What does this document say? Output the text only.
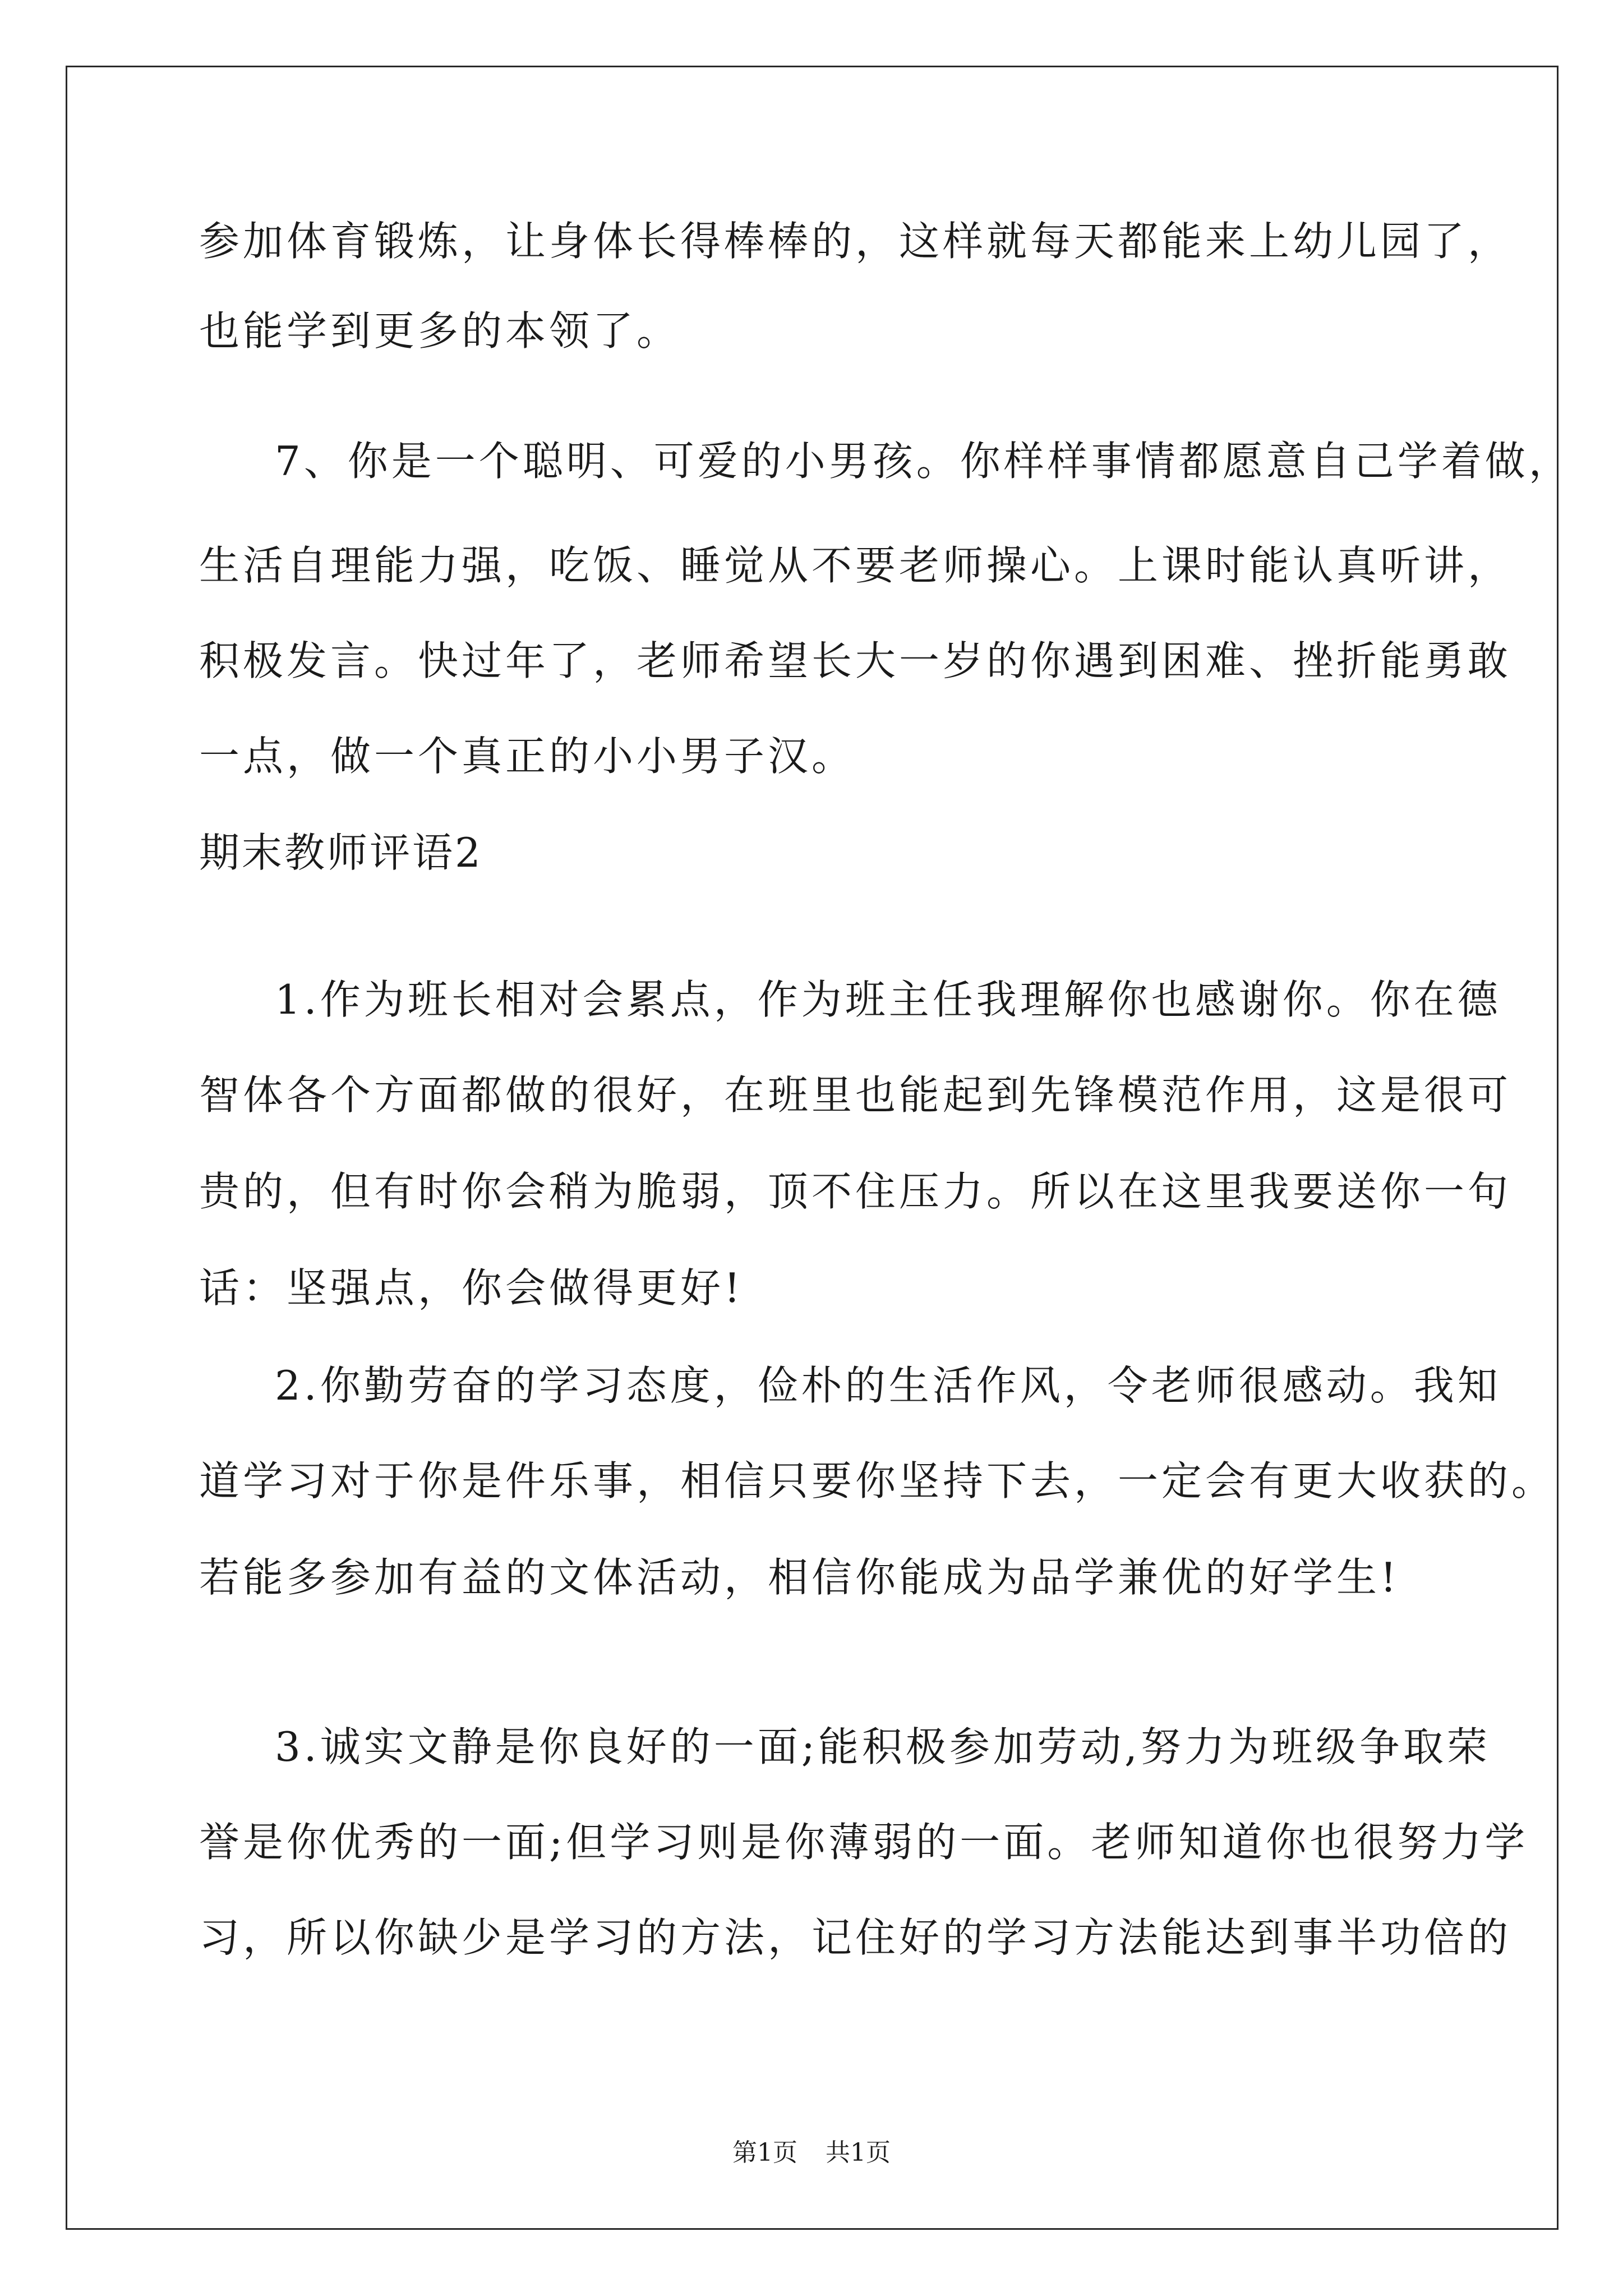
参加体育锻炼，让身体长得棒棒的，这样就每天都能来上幼儿园了，
也能学到更多的本领了。
7、你是一个聪明、可爱的小男孩。你样样事情都愿意自己学着做，
生活自理能力强，吃饭、睡觉从不要老师操心。上课时能认真听讲，
积极发言。快过年了，老师希望长大一岁的你遇到困难、挫折能勇敢
一点，做一个真正的小小男子汉。
期末教师评语2
1.作为班长相对会累点，作为班主任我理解你也感谢你。你在德
智体各个方面都做的很好，在班里也能起到先锋模范作用，这是很可
贵的，但有时你会稍为脆弱，顶不住压力。所以在这里我要送你一句
话：坚强点，你会做得更好!
2.你勤劳奋的学习态度，俭朴的生活作风，令老师很感动。我知
道学习对于你是件乐事，相信只要你坚持下去，一定会有更大收获的。
若能多参加有益的文体活动，相信你能成为品学兼优的好学生!
3.诚实文静是你良好的一面;能积极参加劳动,努力为班级争取荣
誉是你优秀的一面;但学习则是你薄弱的一面。老师知道你也很努力学
习，所以你缺少是学习的方法，记住好的学习方法能达到事半功倍的
第1页 共1页
